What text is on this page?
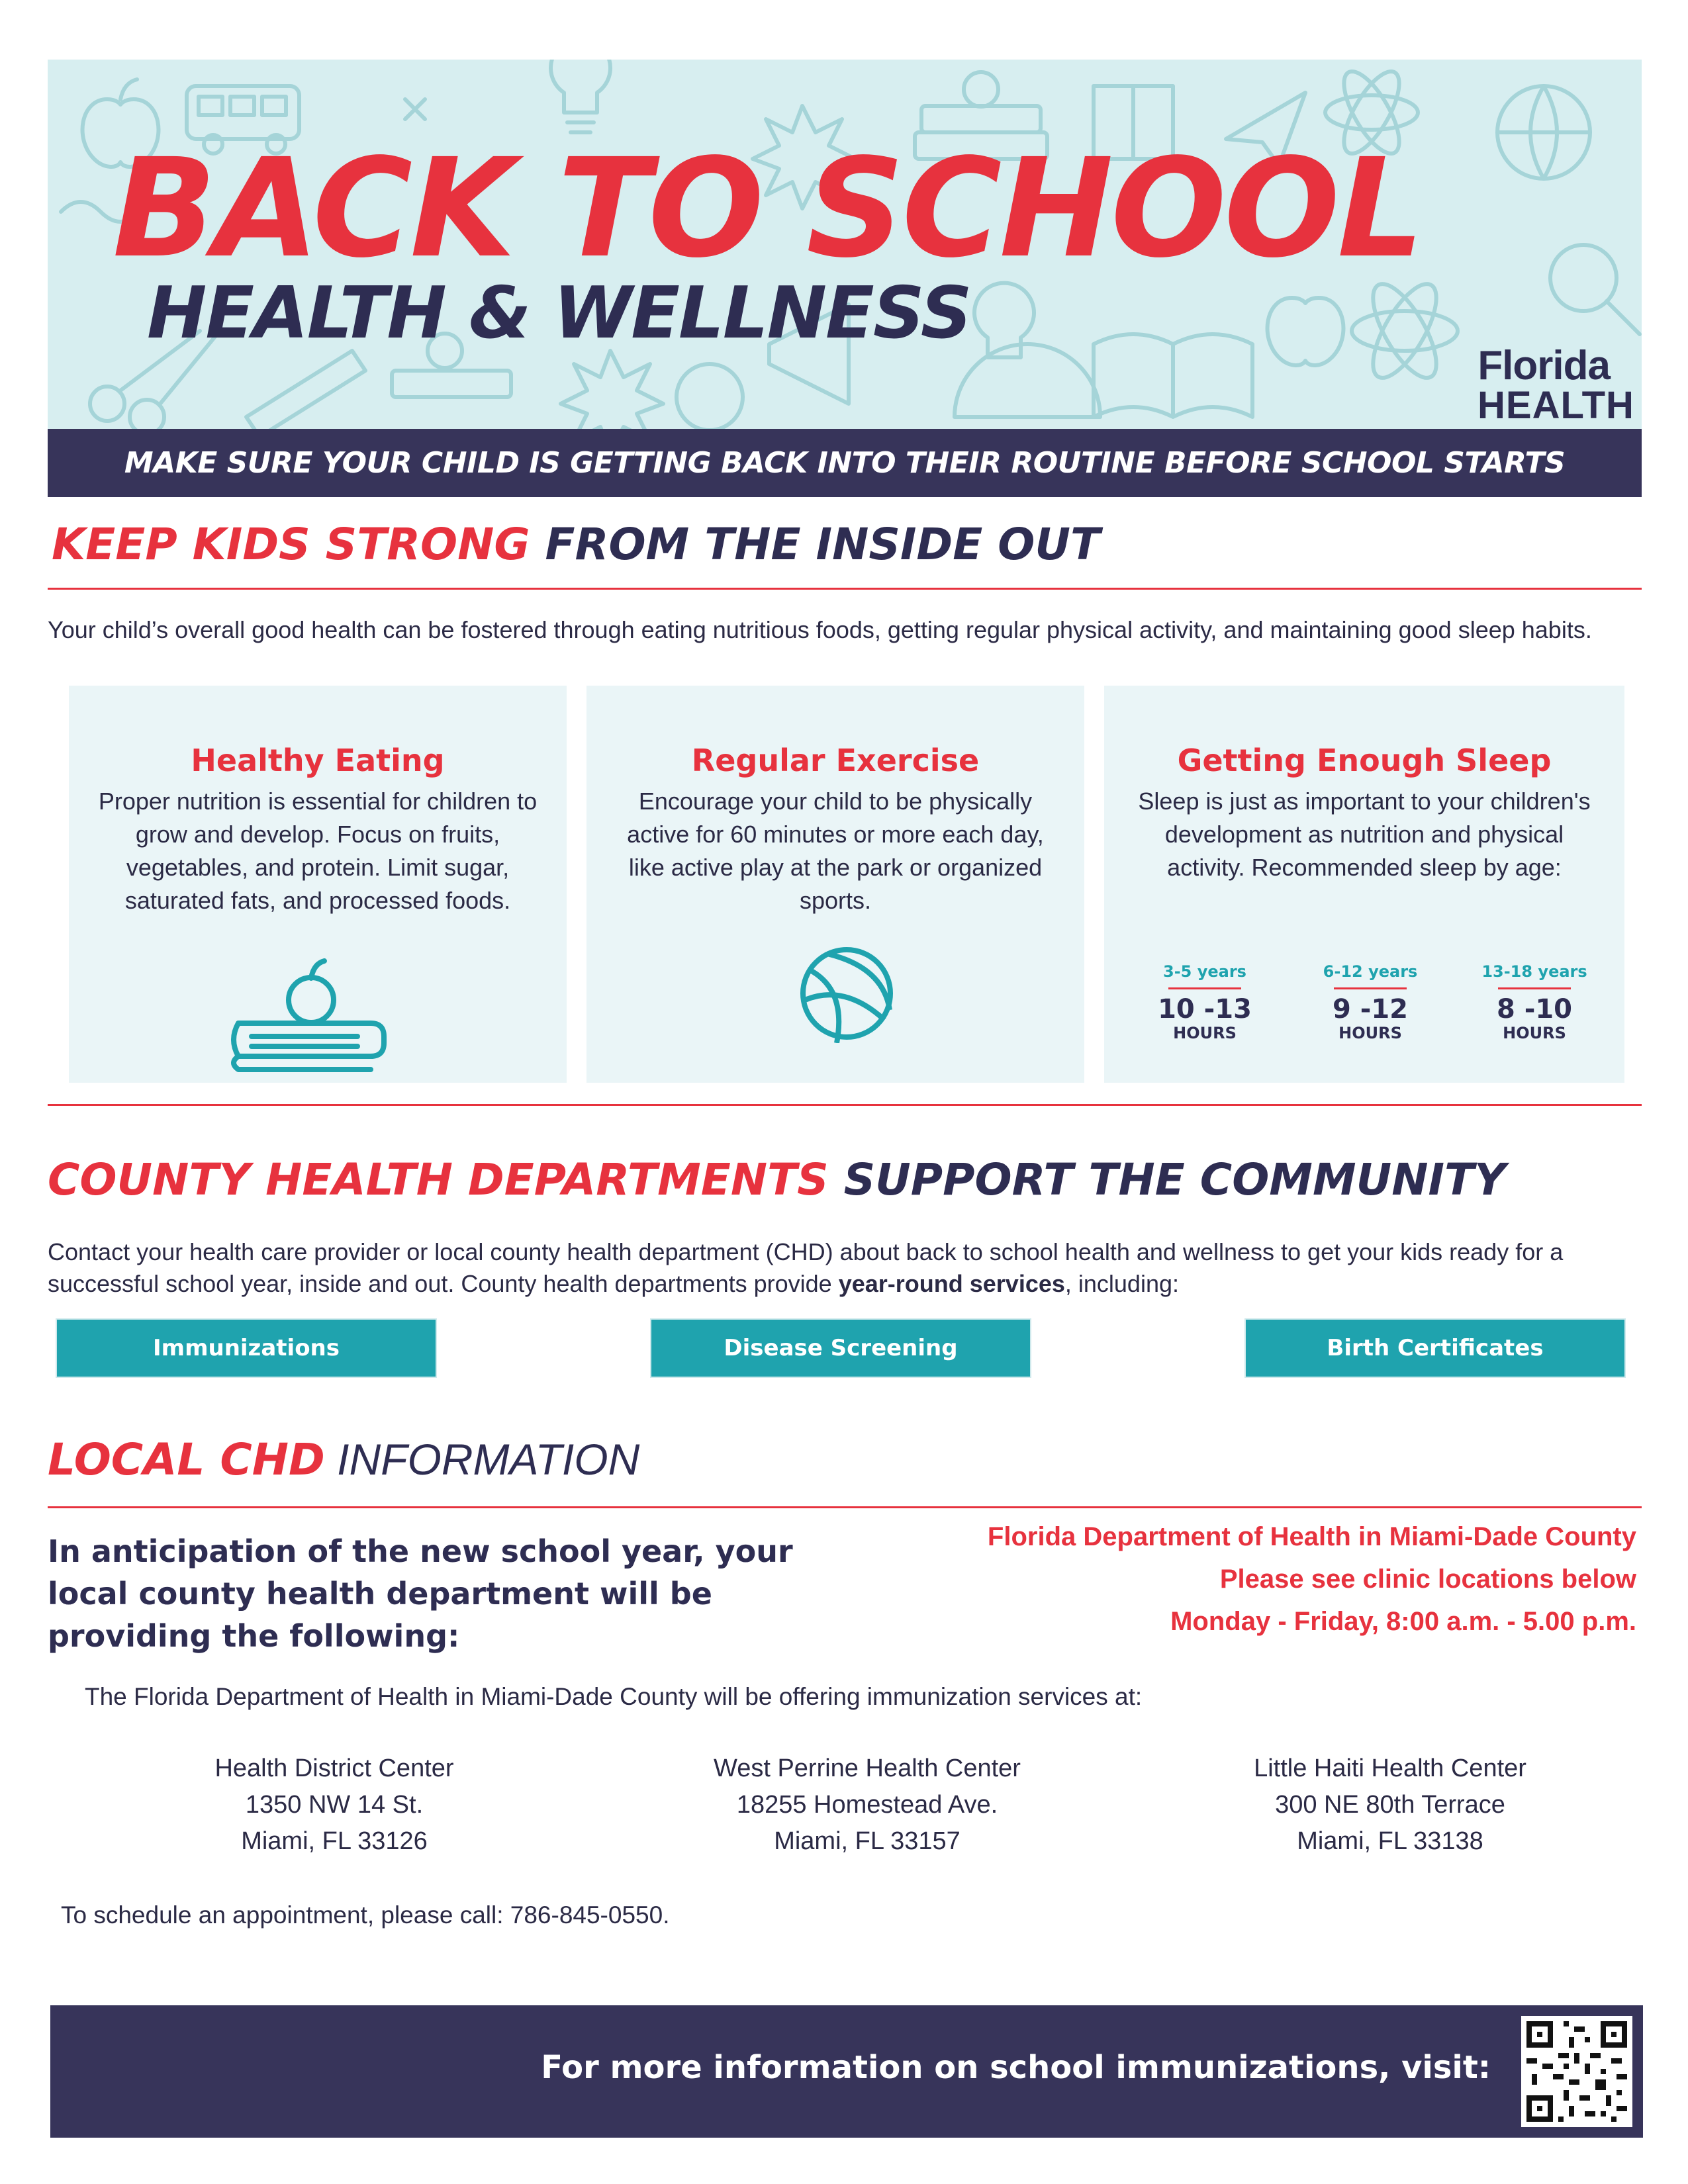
BACK TO SCHOOL
HEALTH & WELLNESS
Florida
HEALTH
MAKE SURE YOUR CHILD IS GETTING BACK INTO THEIR ROUTINE BEFORE SCHOOL STARTS
KEEP KIDS STRONG FROM THE INSIDE OUT
Your child’s overall good health can be fostered through eating nutritious foods, getting regular physical activity, and maintaining good sleep habits.
Healthy Eating
Proper nutrition is essential for children to grow and develop. Focus on fruits, vegetables, and protein. Limit sugar, saturated fats, and processed foods.
Regular Exercise
Encourage your child to be physically active for 60 minutes or more each day, like active play at the park or organized sports.
Getting Enough Sleep
Sleep is just as important to your children's development as nutrition and physical activity. Recommended sleep by age:
3-5 years
10 -13
HOURS
6-12 years
9 -12
HOURS
13-18 years
8 -10
HOURS
COUNTY HEALTH DEPARTMENTS SUPPORT THE COMMUNITY
Contact your health care provider or local county health department (CHD) about back to school health and wellness to get your kids ready for a successful school year, inside and out. County health departments provide year-round services, including:
Immunizations	Disease Screening	Birth Certificates
LOCAL CHD INFORMATION
In anticipation of the new school year, your local county health department will be providing the following:
Florida Department of Health in Miami-Dade County
Please see clinic locations below
Monday - Friday, 8:00 a.m. - 5.00 p.m.
The Florida Department of Health in Miami-Dade County will be offering immunization services at:
Health District Center
1350 NW 14 St.
Miami, FL 33126
West Perrine Health Center
18255 Homestead Ave.
Miami, FL 33157
Little Haiti Health Center
300 NE 80th Terrace
Miami, FL 33138
To schedule an appointment, please call: 786-845-0550.
For more information on school immunizations, visit:
